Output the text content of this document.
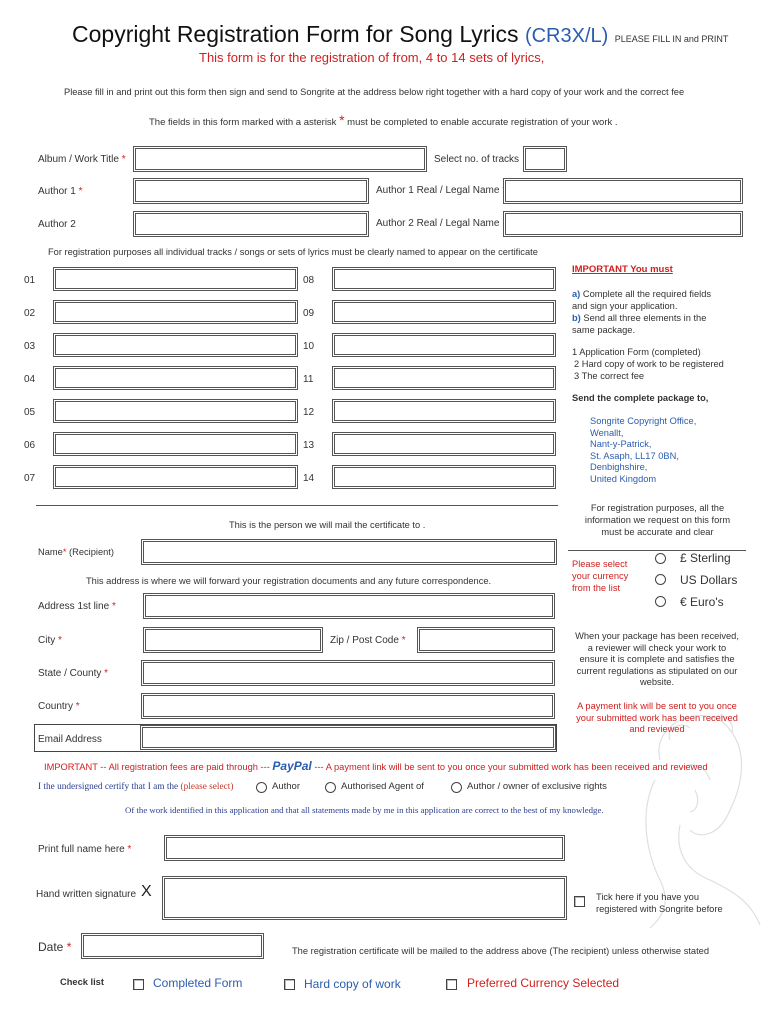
Copyright Registration Form for Song Lyrics (CR3X/L) PLEASE FILL IN and PRINT
This form is for the registration of from, 4 to 14 sets of lyrics,
Please fill in and print out this form then sign and send to Songrite at the address below right together with a hard copy of your work and the correct fee
The fields in this form marked with a asterisk * must be completed to enable accurate registration of your work .
Album / Work Title *	Select no. of tracks
Author 1 *	Author 1 Real / Legal Name
Author 2	Author 2 Real / Legal Name
For registration purposes all individual tracks / songs or sets of lyrics must be clearly named to appear on the certificate
IMPORTANT You must
a) Complete all the required fields
and sign your application.
b) Send all three elements in the
same package.
1 Application Form (completed)
2 Hard copy of work to be registered
3 The correct fee
Send the complete package to,
Songrite Copyright Office,
Wenallt,
Nant-y-Patrick,
St. Asaph, LL17 0BN,
Denbighshire,
United Kingdom
For registration purposes, all the
information we request on this form
must be accurate and clear
This is the person we will mail the certificate to .
Name* (Recipient)
This address is where we will forward your registration documents and any future correspondence.
Address 1st line *
City *	Zip / Post Code *
State / County *
Country *
Email Address
Please select
your currency
from the list
£ Sterling
US Dollars
€ Euro's
When your package has been received,
a reviewer will check your work to
ensure it is complete and satisfies the
current regulations as stipulated on our
website.
A payment link will be sent to you once
your submitted work has been received
and reviewed
IMPORTANT -- All registration fees are paid through --- PayPal --- A payment link will be sent to you once your submitted work has been received and reviewed
I the undersigned certify that I am the (please select)	Author	Authorised Agent of	Author / owner of exclusive rights
Of the work identified in this application and that all statements made by me in this application are correct to the best of my knowledge.
Print full name here *
Hand written signature X	Tick here if you have you
registered with Songrite before
Date *	The registration certificate will be mailed to the address above (The recipient) unless otherwise stated
Check list	Completed Form	Hard copy of work	Preferred Currency Selected
01
02
03
04
05
06
07
08
09
10
11
12
13
14
